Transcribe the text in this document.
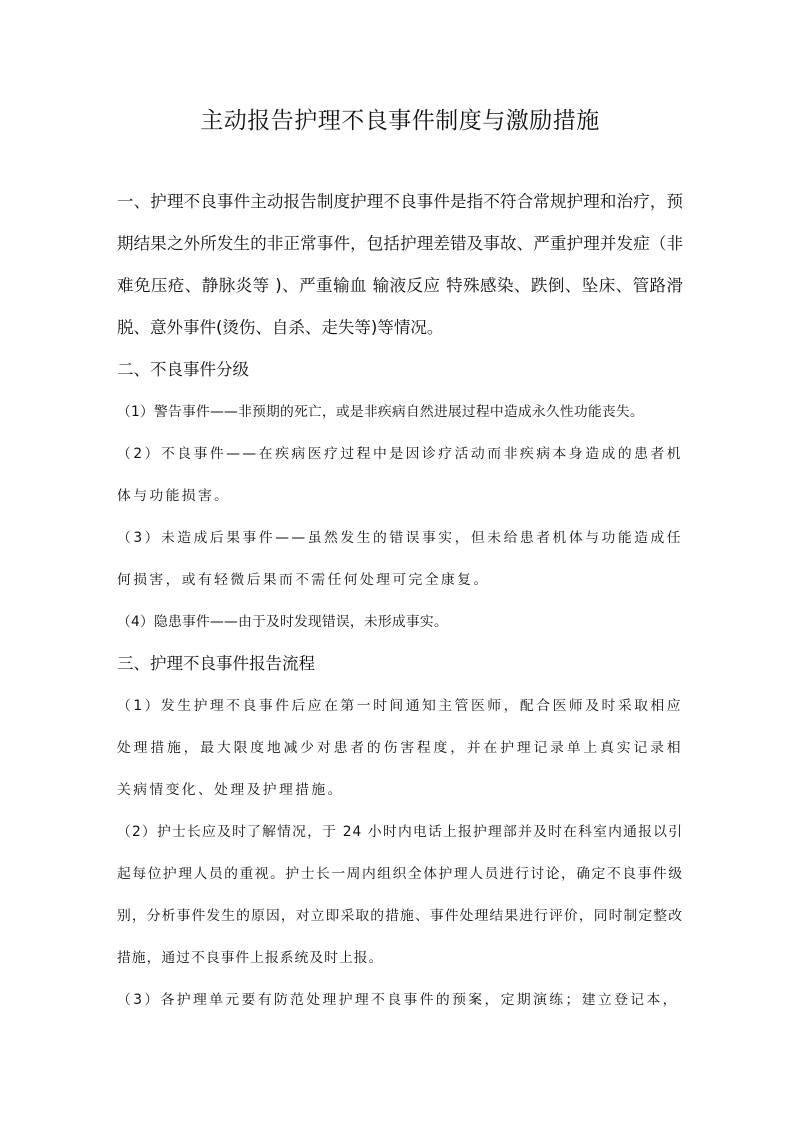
主动报告护理不良事件制度与激励措施

一、护理不良事件主动报告制度护理不良事件是指不符合常规护理和治疗，预期结果之外所发生的非正常事件，包括护理差错及事故、严重护理并发症（非难免压疮、静脉炎等 )、严重输血 输液反应 特殊感染、跌倒、坠床、管路滑脱、意外事件(烫伤、自杀、走失等)等情况。

二、不良事件分级

（1）警告事件——非预期的死亡，或是非疾病自然进展过程中造成永久性功能丧失。

（2）不良事件——在疾病医疗过程中是因诊疗活动而非疾病本身造成的患者机体与功能损害。

（3）未造成后果事件——虽然发生的错误事实，但未给患者机体与功能造成任何损害，或有轻微后果而不需任何处理可完全康复。

（4）隐患事件——由于及时发现错误，未形成事实。

三、护理不良事件报告流程

（1）发生护理不良事件后应在第一时间通知主管医师，配合医师及时采取相应处理措施，最大限度地减少对患者的伤害程度，并在护理记录单上真实记录相关病情变化、处理及护理措施。

（2）护士长应及时了解情况，于 24 小时内电话上报护理部并及时在科室内通报以引起每位护理人员的重视。护士长一周内组织全体护理人员进行讨论，确定不良事件级别，分析事件发生的原因，对立即采取的措施、事件处理结果进行评价，同时制定整改措施，通过不良事件上报系统及时上报。

（3）各护理单元要有防范处理护理不良事件的预案，定期演练；建立登记本，
